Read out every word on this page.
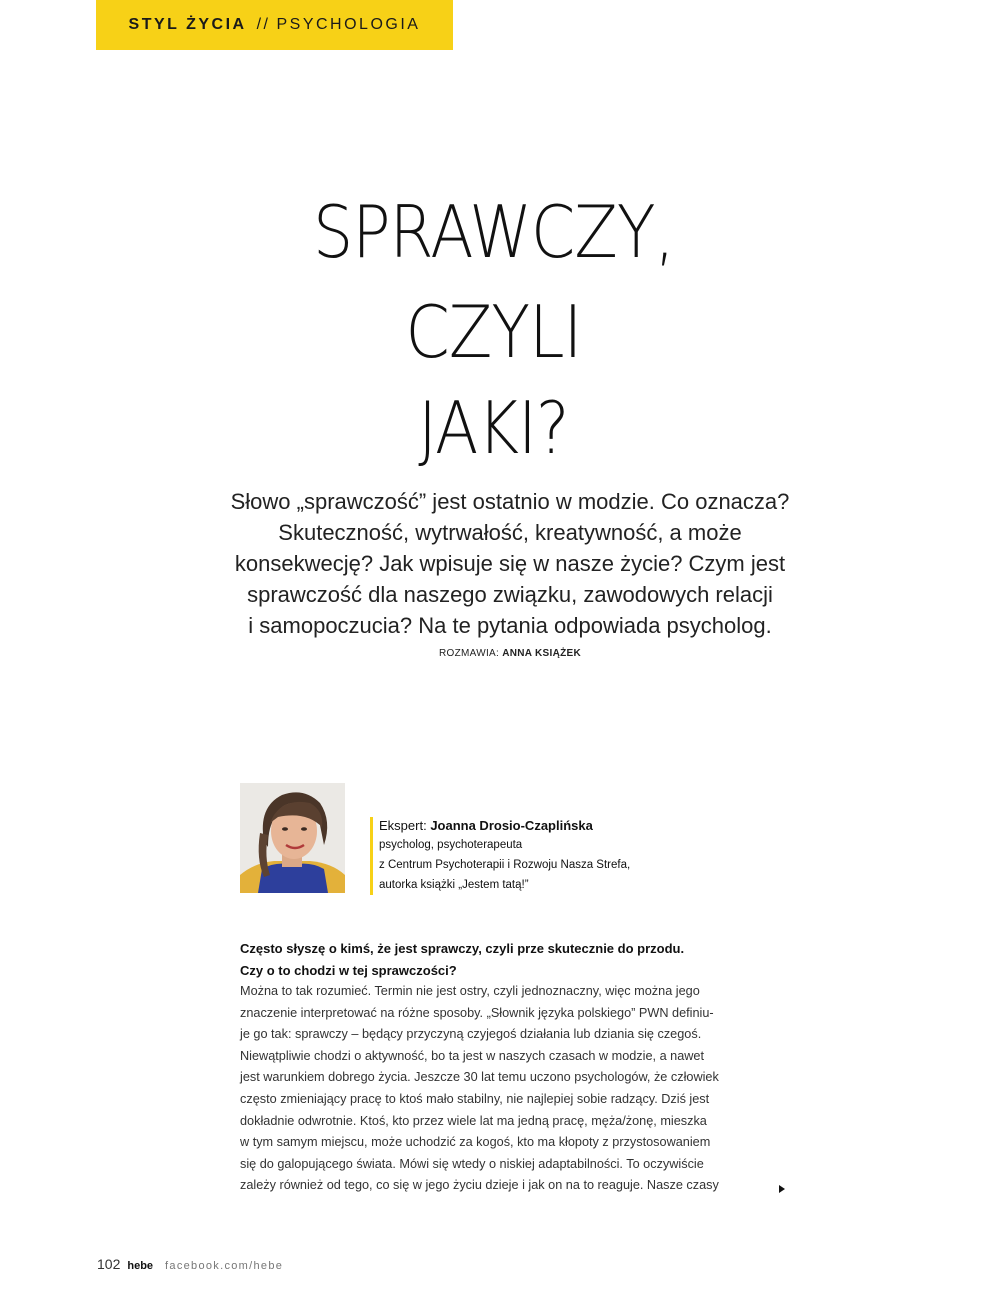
STYL ŻYCIA // PSYCHOLOGIA
SPRAWCZY,
CZYLI
JAKI?
Słowo „sprawczość” jest ostatnio w modzie. Co oznacza?
Skuteczność, wytrwałość, kreatywność, a może
konsekwecję? Jak wpisuje się w nasze życie? Czym jest
sprawczość dla naszego związku, zawodowych relacji
i samopoczucia? Na te pytania odpowiada psycholog.
ROZMAWIA: ANNA KSIĄŻEK
Ekspert: Joanna Drosio-Czaplińska
psycholog, psychoterapeuta
z Centrum Psychoterapii i Rozwoju Nasza Strefa,
autorka książki „Jestem tatą!”
Często słyszę o kimś, że jest sprawczy, czyli prze skutecznie do przodu.
Czy o to chodzi w tej sprawczości?
Można to tak rozumieć. Termin nie jest ostry, czyli jednoznaczny, więc można jego
znaczenie interpretować na różne sposoby. „Słownik języka polskiego” PWN definiu-
je go tak: sprawczy – będący przyczyną czyjegoś działania lub dziania się czegoś.
Niewątpliwie chodzi o aktywność, bo ta jest w naszych czasach w modzie, a nawet
jest warunkiem dobrego życia. Jeszcze 30 lat temu uczono psychologów, że człowiek
często zmieniający pracę to ktoś mało stabilny, nie najlepiej sobie radzący. Dziś jest
dokładnie odwrotnie. Ktoś, kto przez wiele lat ma jedną pracę, męża/żonę, mieszka
w tym samym miejscu, może uchodzić za kogoś, kto ma kłopoty z przystosowaniem
się do galopującego świata. Mówi się wtedy o niskiej adaptabilności. To oczywiście
zależy również od tego, co się w jego życiu dzieje i jak on na to reaguje. Nasze czasy
102 hebe facebook.com/hebe
